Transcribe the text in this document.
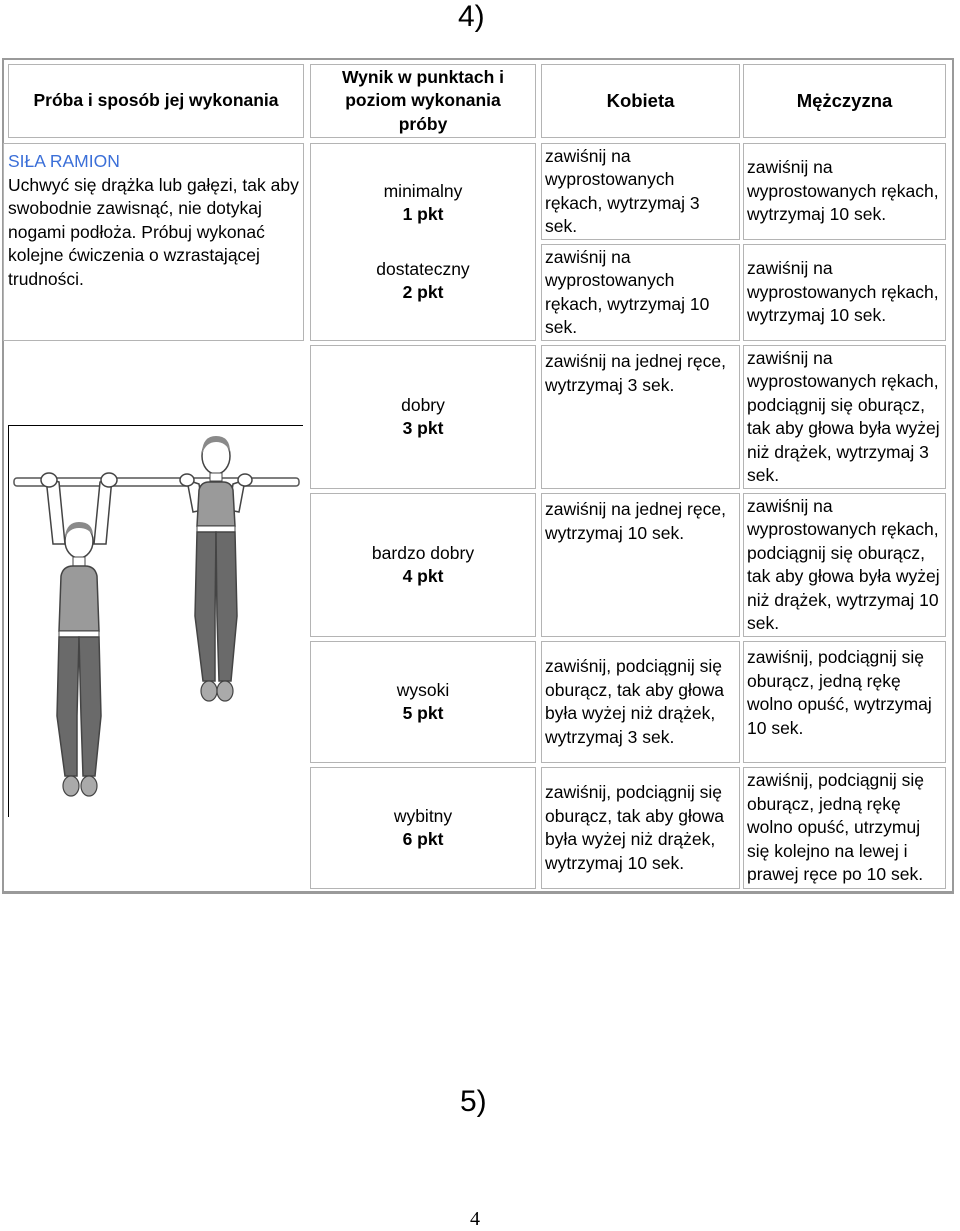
4)
Próba i sposób jej wykonania
Wynik w punktach i poziom wykonania próby
Kobieta	Mężczyzna
SIŁA RAMION
Uchwyć się drążka lub gałęzi, tak aby swobodnie zawisnąć, nie dotykaj nogami podłoża. Próbuj wykonać kolejne ćwiczenia o wzrastającej trudności.
minimalny
1 pkt
dostateczny
2 pkt
dobry
3 pkt
bardzo dobry
4 pkt
wysoki
5 pkt
wybitny
6 pkt
zawiśnij na wyprostowanych rękach, wytrzymaj 3 sek.
zawiśnij na wyprostowanych rękach, wytrzymaj 10 sek.
zawiśnij na jednej ręce, wytrzymaj 3 sek.
zawiśnij na jednej ręce, wytrzymaj 10 sek.
zawiśnij, podciągnij się oburącz, tak aby głowa była wyżej niż drążek, wytrzymaj 3 sek.
zawiśnij, podciągnij się oburącz, tak aby głowa była wyżej niż drążek, wytrzymaj 10 sek.
zawiśnij na wyprostowanych rękach, wytrzymaj 10 sek.
zawiśnij na wyprostowanych rękach, wytrzymaj 10 sek.
zawiśnij na wyprostowanych rękach, podciągnij się oburącz, tak aby głowa była wyżej niż drążek, wytrzymaj 3 sek.
zawiśnij na wyprostowanych rękach, podciągnij się oburącz, tak aby głowa była wyżej niż drążek, wytrzymaj 10 sek.
zawiśnij, podciągnij się oburącz, jedną rękę wolno opuść, wytrzymaj 10 sek.
zawiśnij, podciągnij się oburącz, jedną rękę wolno opuść, utrzymuj się kolejno na lewej i prawej ręce po 10 sek.
5)
4
